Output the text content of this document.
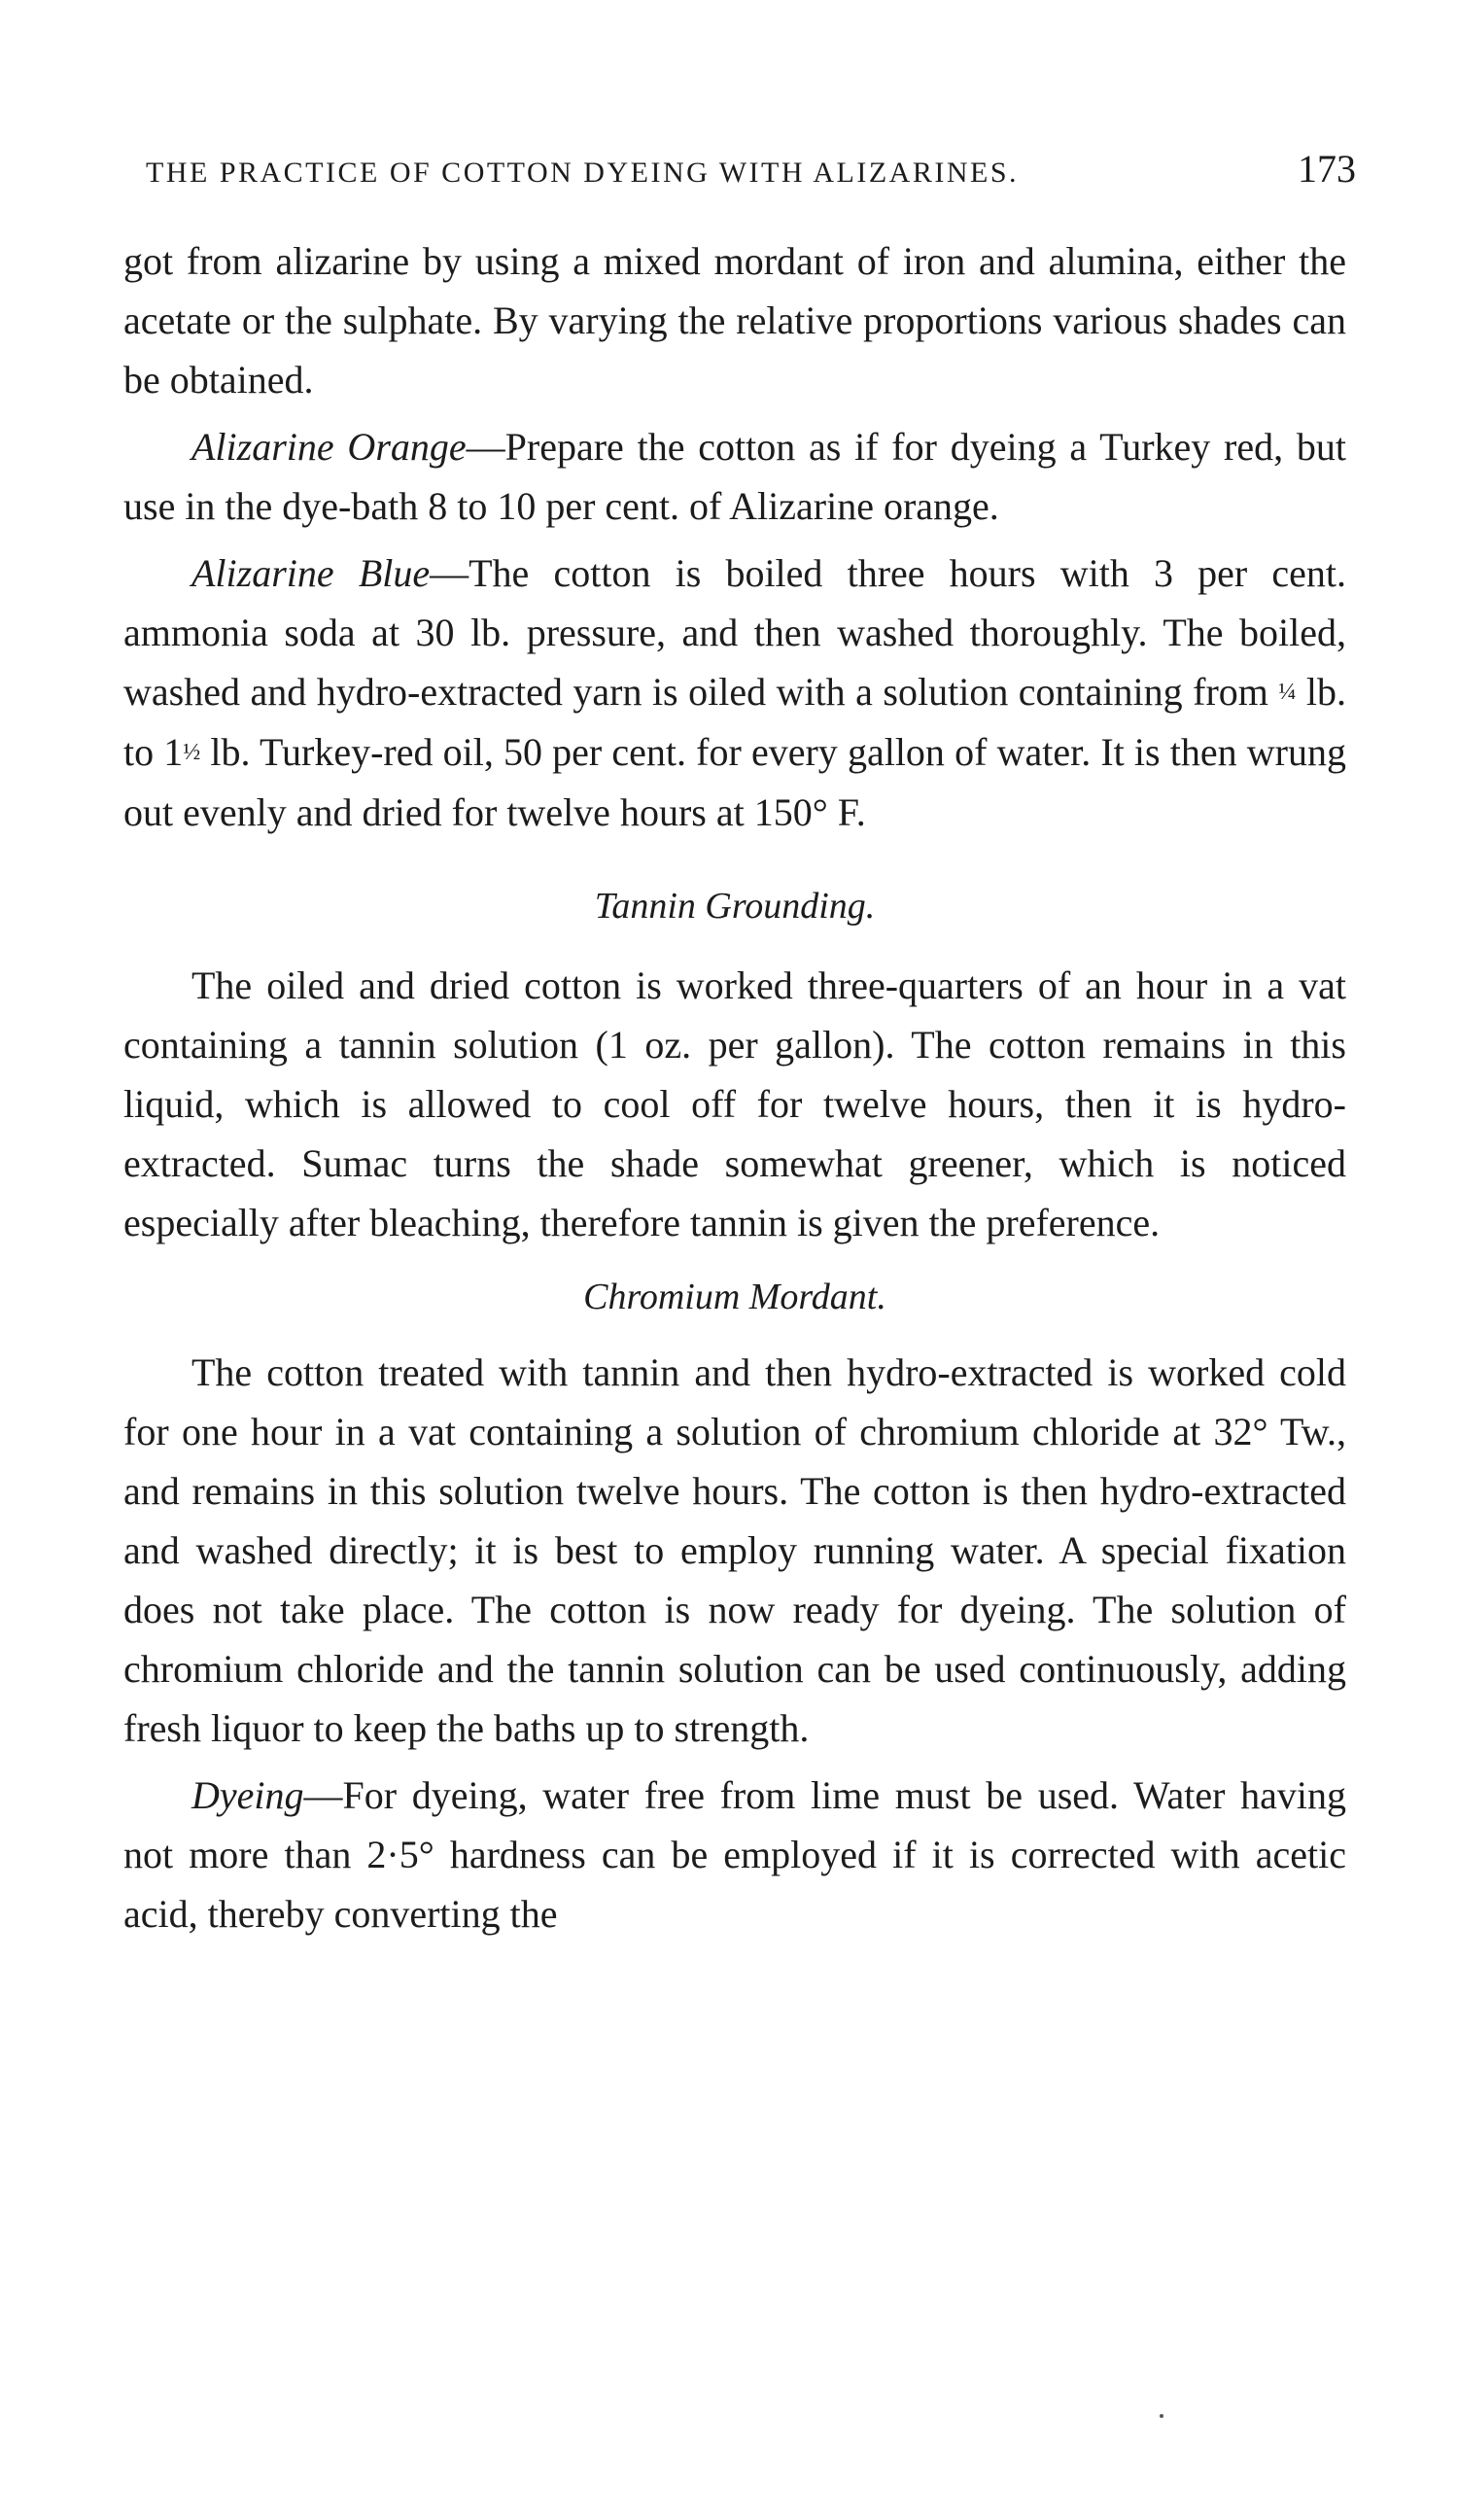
THE PRACTICE OF COTTON DYEING WITH ALIZARINES.	173

got from alizarine by using a mixed mordant of iron and alumina, either the acetate or the sulphate. By varying the relative proportions various shades can be obtained.

Alizarine Orange—Prepare the cotton as if for dyeing a Turkey red, but use in the dye-bath 8 to 10 per cent. of Alizarine orange.

Alizarine Blue—The cotton is boiled three hours with 3 per cent. ammonia soda at 30 lb. pressure, and then washed thoroughly. The boiled, washed and hydro-extracted yarn is oiled with a solution containing from ¼ lb. to 1½ lb. Turkey-red oil, 50 per cent. for every gallon of water. It is then wrung out evenly and dried for twelve hours at 150° F.

Tannin Grounding.

The oiled and dried cotton is worked three-quarters of an hour in a vat containing a tannin solution (1 oz. per gallon). The cotton remains in this liquid, which is allowed to cool off for twelve hours, then it is hydro-extracted. Sumac turns the shade somewhat greener, which is noticed especially after bleaching, therefore tannin is given the preference.

Chromium Mordant.

The cotton treated with tannin and then hydro-extracted is worked cold for one hour in a vat containing a solution of chromium chloride at 32° Tw., and remains in this solution twelve hours. The cotton is then hydro-extracted and washed directly; it is best to employ running water. A special fixation does not take place. The cotton is now ready for dyeing. The solution of chromium chloride and the tannin solution can be used continuously, adding fresh liquor to keep the baths up to strength.

Dyeing—For dyeing, water free from lime must be used. Water having not more than 2·5° hardness can be employed if it is corrected with acetic acid, thereby converting the
